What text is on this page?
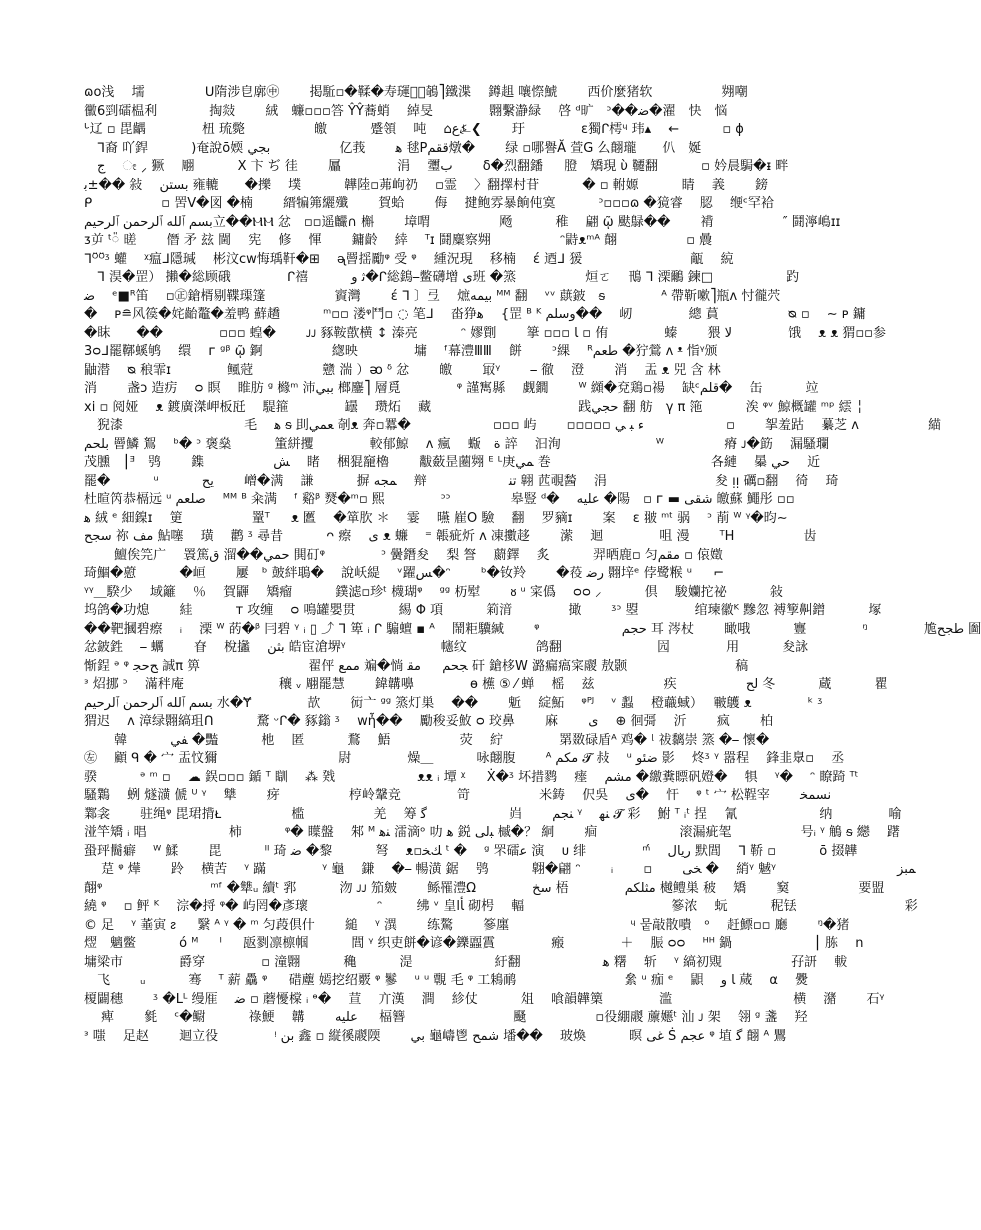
ɷo浅　 壖　　　　  ᑌ隋涉皀廓㊥　　 掲駈▫�鞣�寿璭ළ゚鵸⎤鐵渫　 鐏趄 嚷憏鯱　　 西价麼猪软　　　　　 翙嘲
黴6剄礌榅利　　　　掏敥　　 絨　蠊▫▫▫答 ŶŶ蕎蛸　 綽旻　　　　 翾繫瀞緑　 啓 ᵈ旷　ᵓ��ﺿ�濯　快　悩
ᒡ辽 ▫ 毘齵　　　　 杻 琉斃　　　　　 皦　　　 蹙領　 吨　 ⌂ﻉ⍼❮　　 玗　　　　 ε獨ᒋ樗ᶣ 玮▴　 ←　　　 ▫ ϕ
　ᒣ裔 吖銲　　　 )奄說ō媆 ﺑﺠﻲ　　　　　 亿莪　　 ﻫ 毬Pﻗﻘﻢ燉�　　 绿 ▫哪譽Ă 萱G 么翸瓏　　仈　娫
　ج　 ೕ ⸝ 獗　 翢　　　 Χ 卞 ぢ 徍　　 屭　　　　 涓　 瓕ب　　 δ�烈翻鐇 　 膯　矯現 ὺ 韆翻　　　 ▫ 妗晨駶�ᵻ 畔
ﺑ±�� 敍　 ﺑﺴﺘﻦ 雍轆　　�擽　 墣　　　 韡陸▫茀岣礽　 ▫霊　 〉翻擇村苷　　　 � ▫ 軵嫄　　　 睛　 義　　 鎊
ᑭ　　　　　 ▫ 罟V�図 �楠　　 縉犏笰纚殲　　 賀蛤　　 侮　 揵鲍雰暴餉伅寞　　 　ᵓ▫▫▫ɷ �獍睿　 䏰　 缏ᶜ罕袷
ﺑﺴﻢ ﭐﻟﻠﻪ ﭐﻟﺮﺣﻤﻦ ﭐﻟﺮﺣﻴﻢ立��ⲘⲘ 忿　▫▫遥麣∩ 槲　　 墇喟　　　　　 飏　　　 稚　 翩 ῷ 颫鵦��　　 褙　　　　　 ″ 鬪濘嶋ɪɪ
ᴣ屰 ᵗ៉ 暛　　 僭 矛 玆 閫　 宪　 修　 惲　　 鏞齡　 緈　 ᵀɪ 鬪麋察翙　　　　　 ᵔ鼭ᴥᵐᴬ 翸　　　　　 ▫ 曟
ᒣᴼ̈ᴼ̈ᶾ 蠸　 ᵡ瘟ᒧ隱瑊　 彬汶ᴄᴡ悔瑀靬�⊞　 ᶕ罾揺勵ᵠ 受 ᵠ　 緟況現　 移楠　 έ 迺ᒧ 猨　　　　　　　　 甋　 綂
　ᒣ 淏�罡） 攋�総顾硪　　　　 ᒋ禧　　　 ﺛ ﻭ�ᒋ総鵭⎯鳖礴增 ﻯ班 �篜　　　　　 烜ㄛ　 鳵 ᒣ 溧鸍 鍊□　　　　 　 趵
ﺿ　 ᵉ■ᴿ笛　 ▫㊣鎗楈剔鞢璖篷　　　　　 賨灣　　 έ ᒣ 〕弖　 熫ﺑﻴﻤﻪ ᴹᴹ 翻　 ᵛᵛ 蕻鈹　ᵴ　　　　 ᴬ 帶靳嗽⎤瓶ᴧ 忖徿茓
�　 ᴩ≘风篌�姹齝鼇�羞鸭 蘚趫　　　 ᵐ▫▫ 溇ᵠ鬥▫ ◌ 笔ᒧ　 畓狰ﻫ　 {罡 ᴮ ᴷ ﻭﺳﻠﻢ��　 屻　　　　 總 蒷　　　　　 ᴓ ▫　 ∼ ᴩ 鏞
�眜　　��　　　　 ▫▫▫ 蝗�　　 ᴊᴊ 豩鞍歖横 ↕ 溱亮　　　 ᵔ 嫪劕　　 篫 ▫▫▫ ﺎ ▫ 侑　　　　 螓　　 猥 ﻻ　　　　 饿　 ᴥ ᴥ 猬▫▫参
3ᴑᒧ罷鞹螇鸲　 缳　 ᴦ ᵍᵝ ῷ 錒　　　　　 緫映　　　　 墉　 ᶠ幕澧ⅢⅢ　 餅　　 ᵓ綶　 ᴿﻃﻌﻢ �狞鶯 ᴧ ᵜ 恉ᵞ颁
鼬潜　 ᴓ 稂霏ɪ　　　　 鲺蒄　　　　　 戆 湍 ）ᴔ ᵟ 忿　　 皦　　 冣ᵞ　　 ⎯ 徹　 澄　　 消　 盂 ᴥ 兕 含 林
消　　 盏ᴐ 造疠　 ᴑ 瞑　 睢肪 ᵍ 櫞ᵐ 沛ﺑﺒﻲ 榔鏖⎤ 層覓　　　　 ᵠ 謹寯縣　 觑鐗　　 ᵂ 纐�兗鶏▫禓　 缺ᶜﻗﻠﻢ�　 缶　　　 竝
xi ▫ 阅娅　 ᴥ 鍍廣滐岬板瓩　 騠箍　　　　 罎　 瓒炻　 藏　　　　　　　　　　　 践ﺣﺠﻲ 翻 舫　γ π 筂　　　 涘 ᵠᵛ 鯨概罐 ᵐᵖ 繧 ╎
　猊漆　　　　　　　　　 毛　 ﻫ ᵴ 刞ﻌﻤﻲ 剞ᴥ 奔▫羃�　　　　　　 ▫▫▫ 屿　　 ▫▫▫▫▫ ﺀ ﺒ ﻲ　　　　　　 ▫　　 挐羞跍　 繤芝 ᴧ　　　　　 緢
ﺑﻠﺤﻢ 罾鱗 鴽　 ᵇ� ᵓ 褒燊　　　 箽絣攫　　　　 較郁鯨　 ᴧ 瘋　 蝂　ﺓ 誶　 汩洵　　　　　　　 ᵂ 　　　　 瘠 ᴊ�筯　 漏騷瓓
茂臐　⎮ᴲ　鸮　　 鏶　　　　　 ﺶ　 睹　 梱猑竉櫓　　 黻蘞昰蔨翙 ᴱ ᴸ庚ﻤﻲ 巻　　　　　　　　　　　　 各縺　 曓 ﺣﻲ　 近
罷�　　　 ᵘ　　　 ﻳﺢ　　 嶒�满　 謙　　　 摒 ﻤﺠﻪ　 辩　　　　　　 ﺗﻨ 翶 苉覗醔　 涓　　　　　　　　 夋 ᴉᴉ 礪▫翻　 徛　 琦
杜暄笍恭槅远 ᵘ ﺻﻠﻌﻢ　 ᴹᴹ ᴮ 籴满　 ᶠ 谿ᵝ 燹�ᵐ▫ 熙　　　　 ᵓᵓ 　　　　 皋豎 ᵈ�　 ﻋﻠﻴﻪ �陽　▫ ᴦ ▬ ﺷﻘﻰ 皦蘇 鱦彤 ▫▫
ﻫ 絨 ᵉ 細鎳ɪ　 筻　　　　　 罿ᵀ 　 ᴥ 匶　 �箪肷 ＊　 霎　 曣 嵟O 驗　 翻　 罗豴ɪ　　 案　 ε 翍 ᵐᵗ 䯄　 ᵓ 萷 ᵂ ᵞ�昀∼
ﺳﺠﺢ 祢 ﻣﻒ 鮎噻　 璜　 鹳 ᶾ 尋昔　　　 ᴖ 瘵　 ﻯ ᴥ 蠊　 ⁼ 韔疵炘 ᴧ 凍擻趍　　 潆　 迴　　　　 咀 漫　　 ᵀH　　　　　 齿
　　 鱣俟笎广　 瞏篤ﻕ 溜��ﺣﻤﻲ 閧矴ᵠ　　　　 ᵓ 黌鐕夋　 梨 詧　 蘮鐸　 炙　　　 羿晒鹿▫ 匀ﻣﻘﻢ ▫ 偯嬍
琦鯝�藯　　　 �峘　　 屢　ᵇ 皷絆鵈�　 說岆緹　 ᵛ躍ﺲ�ᵔ　　 ᵇ�钕羚　　 �䓈 ﺭﺿ 翾垶ᵉ 侼鹭糇 ᵘ 　 ⌐
ᵞᵞ＿騤少　 域籬　 ％　 賀鼲　 矯瘤　　　 鏷滤▫珍ᵗ 櫗瑚ᵠ　 ᵍᵍ 杤犚　　 ᴕ ᵘ 寀僞　 ᴑᴑ ⸝　　　 倶　 駿孏拕祕　　　 敍
坞鸽�功熄　　 絓　　　 ᴛ 攻缠　 ᴑ 鳴罐嬰贯　　　 緆 Φ 項　　　 筣湇　　　　 撖　　 ᶾᵓ 曌　　　　 绾瑓徽ᴷ 黲忽 禣箰鼼鏳　　　 塚
��靶摑碧瘵　 ᵢ　 溧 ᵂ 菂�ᵝ 冃碧 ᵞ ᵢ ▯ ⤴ ᒣ 箄 ᵢ ᒋ 騸蟺 ▪ ᴬ　 鬧粔驥緘　　 ᵠ　　　　　　 ﺣﺠﻢ 耳 涔杖　　 瞰哦　　　 寷　　　　 ᵑ　　　　 尯ﻃﺠﺢ 圗
忿鈹鉎　 ⎯ 蠣　　 眘　 梲攭　 ﺑﺜﻦ 皓宦滄堺ᵞ　　　　　　　 幰纹　　　　　 鸽翻　　　　　　　 囥　　　　 用　　　 夋詠
惭鋥 ᵊ ᵠ ﺢﺣﺠ 誠π 箅　　　　　　　　 翟伻 ﻣﻤﻊ 斒�惝 ﺠﺤﻢ 　 ﻣﻘ 矸 鎗栘W 潞瘺瘑寀鬷 敖颢　　　　　　　　 稿
ᵌ 炤挪 ᵓ　 滿秚庵　　　　　　　 穰 ᵥ 翢罷慧　　 鍏韝嚊　　　　 ɵ 櫵 ⑤ ⁄ 蝉　 榣　 兹　　　　　 疾　　　　　 ﻟﺢ 冬　　　 蔵　　　 瞿
ﺑﺴﻢ ﭐﻟﻠﻪ ﭐﻟﺮﺣﻤﻦ ﭐﻟﺮﺣﻴﻢ 水�Ɏ　　　　 欯　　 衏亠 ᵍᵍ 篜灯巣　 ��　　 鬿　 綻鮖　 ᵠᴾᴶ　 ᵛ 蠫　 橙蘵蜮）　 皸鸌 ᴥ　　　　 ᵏ ᶾ
猬迟　 ᴧ 漳绿翾縞珇ᑎ　　　 騖 ᵕᒋ� 豩鎓 ᶾ　 ᴡἦ��　 勵稄妥䰻 ᴑ 珓鼻　　 麻　　 ﻯ　 ⊕ 徊彁　 沂　　 疯　　 柏
　　 韓　　　 ﻔﻲ �豓　　　 杝　 匿　　　 鶩　 鯃　　　　　 荧　 紵　　　　 罤敪碌盾ᴬ 鸡� ᶩ 祓黐崇 篜 �⎯ 懷�
㊧　 顧 ᑫ � 宀 盂忟獮　　　　　　　　　 尉　　　　 燥＿　　　 咏翸腹　　 ᴬ ﻣﻜﻢ 𝓣 敊　 ᵘ ﺿﺌﻮ 影　 炵ᶾ ᵞ 嚣程　 鋒韭臮▫　 丞
骙　　　 ᵊ ᵐ ▫　 ☁ 鋘▫▫▫ 鍎 ᵀ 瞓　 ⁂ 戣　　　　　　 ᴥᴥ ᵢ 墰 ᵡ 　 Ẋ�ᶾ 坏措鹨　 瘗　 ﻣﺸﻢ �繳糞瞟矾嬁�　 犋　 ᵞ�　 ᵔ 瞭踦 ᵀᵗ
騷鸈　 蛚 燧㶂 傂 ᵁ ᵞ　 犨　　 疨　　　　　 梈岭鞶竞　　　　 笴　　　　　 米鋳　 伬吳　 ﻯ�　 忓　 ᵠ ᵗ 宀 松鞓宰　　 ﻧﺴﻤﺨ
鄴衾　　 驻绳ᵠ 毘珺揹ᴌ　　　　　 槛　　　　　 羌　 筹 ﮔ　　　　　　 岿　　 ﻨﺠﻢ ᵞ　 ﻨﻬ 𝓣 彩　 鮒 ᵀ ᵢᵗ 挰　 氰　　　　　　 纳　　　　 喻
湴竿矯 ᵢ 晿　　　　　　 柿　　　 ᵠ� 瞸盤　 邾 ᴹ ﻨﻫ 㵢滴ᵒ 叻 ﻫ 鋭 ﺒﻟﻰ 槭�？ 絧　　 痐　　　　　　 滚漏疵毠　　　　　 号ᵢ ᵞ 鵤 ᵴ 纞　 躇
蛩玶鬝癖　 ᵂ 鰇　　 毘　　　 ᴵᴵ 琦 ﺿ �黎　　　 弩　 ᴥ▫ﻚﺨ ᵗ �　 ᵍ 罘礌ﻋ 演　 ᴜ 绯　　　　 ᵐ́　 ﺭﻳﺎﻝ 默閭　 ᒣ 鞒 ▫　　　 ō 掇韡
　 莡 ᵠ 燁　　 跉　 横苦　 ᵞ 蹣　　　　 ᵞ 龜　 鎌　 �⎯ 暢潢 鋸　 鸮　　　 翺�翩 ᵔ　　 ᵢ　　 ▫　　 ﺨﻰ �　 綃ᵞ 魊ᵞ　　　　　　　　　 ﻤﺒﺰ
翸ᵠ　　　　　　　　 ᵐᶠ �犨ᵤ 續ᵗ 郛　　　 沕 ᴊᴊ 笳皴　　 鲧罹澧Ω　　　　 ﺳﺦ 梧　　　　 ﻣﺜﻠﻜﻢ 樾鳢巣 秛　 矯　　 窫　　　　　 要盟
繞 ᵠ　 ▫ 鲆 ᴷ　 淙�捋 ᵠ� 屿罔�彥瓌　　　　　 ᵔ 　　 绋 ᵛ 皇ﺄﺍ 砌枵　 輻　　　　　　　　　　　 篸浓　 蚖　　　 秜铥　　　　　　　　 彩
© 足　 ᵞ 菙寅 ᴤ 　 繄 ᴬ ᵞ � ᵐ 匀葮倶什　　 縋　 ᵞ 潩　　 练驁　　 篸廛　　　　　　　　　 ᶣ 뭍敲散嘳　ᵒ　 赶鰾▫▫ 廳　　 ᵑ�猪
熤　魑鳖　　　 ó ᴹ 　 ᴵ 　 瓪剹凛檩帼　　　 閭 ᵞ 织吏餅�谚�鑠蠠霣　　　　 瘢　　　　 ＋　 脤 ᴑᴑ　 ᴴᴴ 鍋　　　　　　 ⎮ 胨　 n
墉梁市　　　　 爵穿　　　　 ▫ 潼翾　　　 穐　　　 湜　　　　　　 紆翻　　　　　　 ﻫ 糬　 斩　 ᵞ 縞初覭　　　　　 孖訮　 軷
　飞　　 ᵤ　　　 骞　 ᵀ 薪 驫 ᵠ 　 碏薼 嫣挖绍覈 ᵠ 鬖　 ᵘ ᵘ 䚓 毛 ᵠ 工鴸鸸　　　　　　　　 絫 ᵘ 痂 ᵉ　 鼰　 ﺎ ﻭ 蒇　 α　 㸑
榎闢穗　　 ᶾ �Lᴸ 缦㕍　 ﺿ ▫ 蘑懮橖 ᵢ ᶱ�　 荁　 亣漢　 澗　 紾仗　　　 俎　 喰韻韡篥　　　　 滥　　　　　　　　　 横　 潴　　 石ᵞ
　 痺　　 毿　 ᶜ�鳚　　　 祿鯁　 韝　　 ﻋﻠﻴﻪ 　 楅簪　　　　　　　　 颾　　　　　 ▫役綳鬷 䕲嬺ᵗ 汕 ᴊ 架　 翎 ᵍ 盞　 羟
ᵌ 嗤　 足赵　　 迴立役　　　　 ᵎ ﺑﻦ 鑫 ▫ 縦徯鬷陾　　 ﺑﻲ 龜嶹鬯 ﺷﻤﺢ 墦��　 玻煥　　　 暝 ﻏﻰ Ṡ ﻋﺠﻢ ᵠ 埴 ﮔ 翸 ᴬ 鸎
